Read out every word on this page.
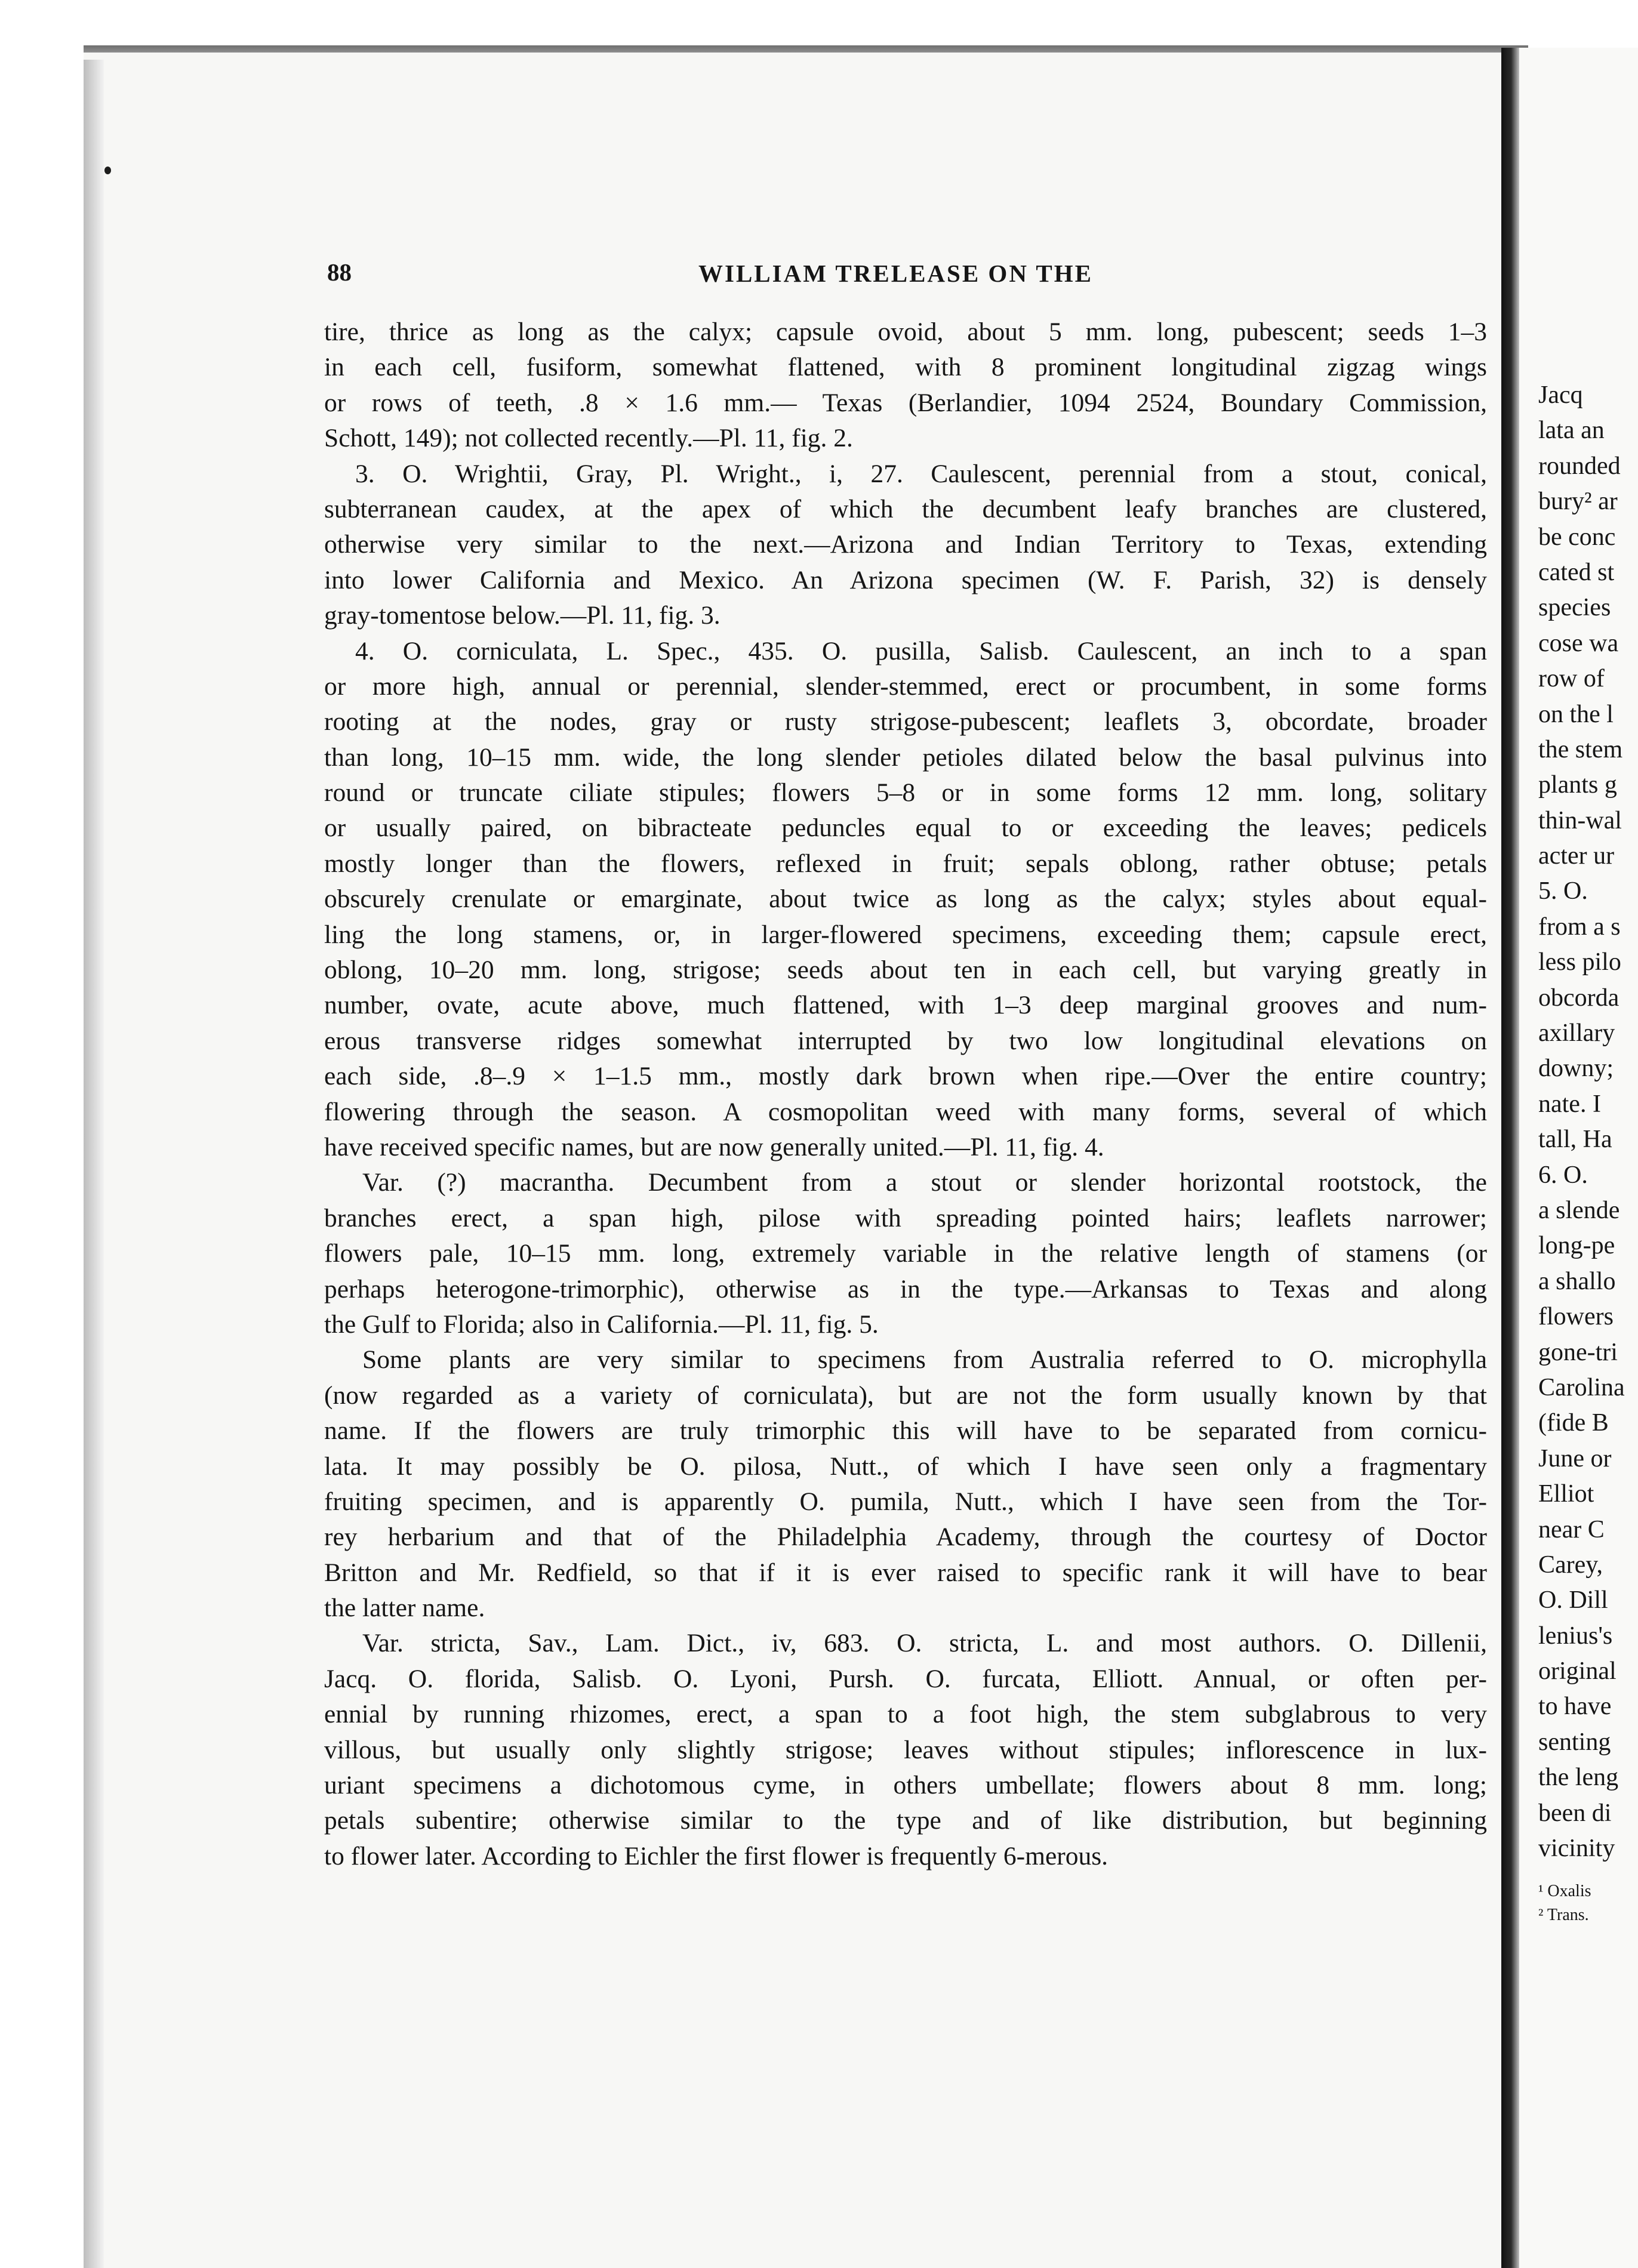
88	WILLIAM TRELEASE ON THE
tire, thrice as long as the calyx; capsule ovoid, about 5 mm. long, pubescent; seeds 1–3
in each cell, fusiform, somewhat flattened, with 8 prominent longitudinal zigzag wings
or rows of teeth, .8 × 1.6 mm.— Texas (Berlandier, 1094 2524, Boundary Commission,
Schott, 149); not collected recently.—Pl. 11, fig. 2.
3. O. Wrightii, Gray, Pl. Wright., i, 27. Caulescent, perennial from a stout, conical,
subterranean caudex, at the apex of which the decumbent leafy branches are clustered,
otherwise very similar to the next.—Arizona and Indian Territory to Texas, extending
into lower California and Mexico. An Arizona specimen (W. F. Parish, 32) is densely
gray-tomentose below.—Pl. 11, fig. 3.
4. O. corniculata, L. Spec., 435. O. pusilla, Salisb. Caulescent, an inch to a span
or more high, annual or perennial, slender-stemmed, erect or procumbent, in some forms
rooting at the nodes, gray or rusty strigose-pubescent; leaflets 3, obcordate, broader
than long, 10–15 mm. wide, the long slender petioles dilated below the basal pulvinus into
round or truncate ciliate stipules; flowers 5–8 or in some forms 12 mm. long, solitary
or usually paired, on bibracteate peduncles equal to or exceeding the leaves; pedicels
mostly longer than the flowers, reflexed in fruit; sepals oblong, rather obtuse; petals
obscurely crenulate or emarginate, about twice as long as the calyx; styles about equal-
ling the long stamens, or, in larger-flowered specimens, exceeding them; capsule erect,
oblong, 10–20 mm. long, strigose; seeds about ten in each cell, but varying greatly in
number, ovate, acute above, much flattened, with 1–3 deep marginal grooves and num-
erous transverse ridges somewhat interrupted by two low longitudinal elevations on
each side, .8–.9 × 1–1.5 mm., mostly dark brown when ripe.—Over the entire country;
flowering through the season. A cosmopolitan weed with many forms, several of which
have received specific names, but are now generally united.—Pl. 11, fig. 4.
Var. (?) macrantha. Decumbent from a stout or slender horizontal rootstock, the
branches erect, a span high, pilose with spreading pointed hairs; leaflets narrower;
flowers pale, 10–15 mm. long, extremely variable in the relative length of stamens (or
perhaps heterogone-trimorphic), otherwise as in the type.—Arkansas to Texas and along
the Gulf to Florida; also in California.—Pl. 11, fig. 5.
Some plants are very similar to specimens from Australia referred to O. microphylla
(now regarded as a variety of corniculata), but are not the form usually known by that
name. If the flowers are truly trimorphic this will have to be separated from cornicu-
lata. It may possibly be O. pilosa, Nutt., of which I have seen only a fragmentary
fruiting specimen, and is apparently O. pumila, Nutt., which I have seen from the Tor-
rey herbarium and that of the Philadelphia Academy, through the courtesy of Doctor
Britton and Mr. Redfield, so that if it is ever raised to specific rank it will have to bear
the latter name.
Var. stricta, Sav., Lam. Dict., iv, 683. O. stricta, L. and most authors. O. Dillenii,
Jacq. O. florida, Salisb. O. Lyoni, Pursh. O. furcata, Elliott. Annual, or often per-
ennial by running rhizomes, erect, a span to a foot high, the stem subglabrous to very
villous, but usually only slightly strigose; leaves without stipules; inflorescence in lux-
uriant specimens a dichotomous cyme, in others umbellate; flowers about 8 mm. long;
petals subentire; otherwise similar to the type and of like distribution, but beginning
to flower later. According to Eichler the first flower is frequently 6-merous.
Jacq
lata an
rounded
bury² ar
be conc
cated st
species
cose wa
row of
on the l
the stem
plants g
thin-wal
acter ur
5. O.
from a s
less pilo
obcorda
axillary
downy;
nate. I
tall, Ha
6. O.
a slende
long-pe
a shallo
flowers
gone-tri
Carolina
(fide B
June or
Elliot
near C
Carey,
O. Dill
lenius's
original
to have
senting
the leng
been di
vicinity
¹ Oxalis
² Trans.
